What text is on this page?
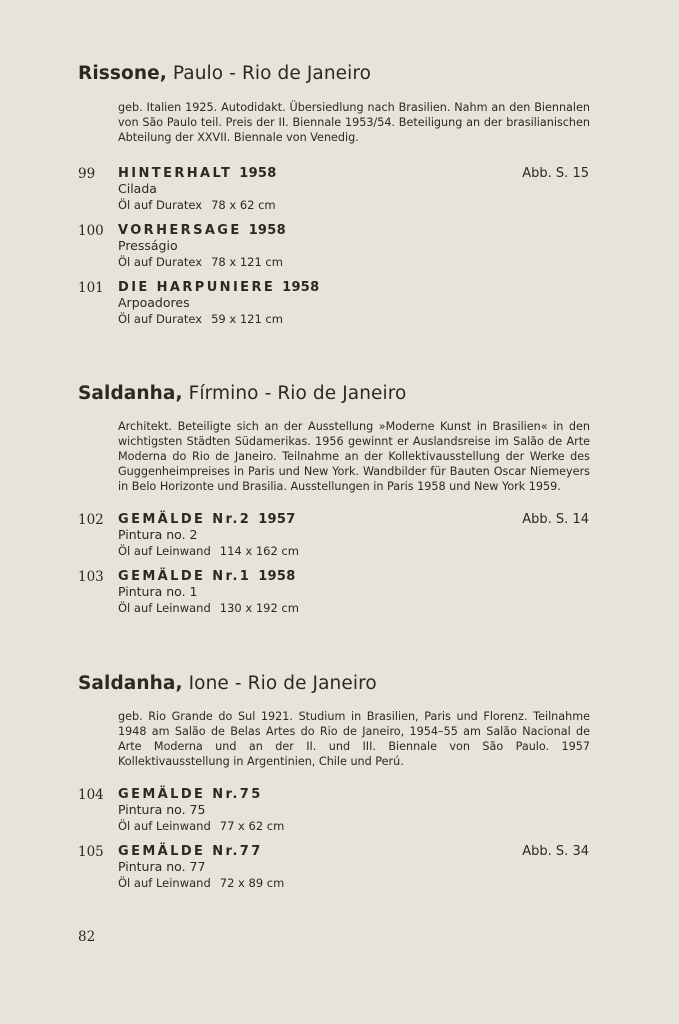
Rissone, Paulo - Rio de Janeiro
geb. Italien 1925. Autodidakt. Übersiedlung nach Brasilien. Nahm an den Biennalen von São Paulo teil. Preis der II. Biennale 1953/54. Beteiligung an der brasilianischen Abteilung der XXVII. Biennale von Venedig.
99	HINTERHALT 1958
Cilada
Öl auf Duratex 78 x 62 cm
Abb. S. 15
100	VORHERSAGE 1958
Presságio
Öl auf Duratex 78 x 121 cm
101	DIE HARPUNIERE 1958
Arpoadores
Öl auf Duratex 59 x 121 cm
Saldanha, Fírmino - Rio de Janeiro
Architekt. Beteiligte sich an der Ausstellung »Moderne Kunst in Brasilien« in den wichtigsten Städten Südamerikas. 1956 gewinnt er Auslandsreise im Salão de Arte Moderna do Rio de Janeiro. Teilnahme an der Kollektivausstellung der Werke des Guggenheimpreises in Paris und New York. Wandbilder für Bauten Oscar Niemeyers in Belo Horizonte und Brasilia. Ausstellungen in Paris 1958 und New York 1959.
102	GEMÄLDE Nr.2 1957
Pintura no. 2
Öl auf Leinwand 114 x 162 cm
Abb. S. 14
103	GEMÄLDE Nr.1 1958
Pintura no. 1
Öl auf Leinwand 130 x 192 cm
Saldanha, Ione - Rio de Janeiro
geb. Rio Grande do Sul 1921. Studium in Brasilien, Paris und Florenz. Teilnahme 1948 am Salão de Belas Artes do Rio de Janeiro, 1954–55 am Salão Nacional de Arte Moderna und an der II. und III. Biennale von São Paulo. 1957 Kollektivausstellung in Argentinien, Chile und Perú.
104	GEMÄLDE Nr.75
Pintura no. 75
Öl auf Leinwand 77 x 62 cm
105	GEMÄLDE Nr.77
Pintura no. 77
Öl auf Leinwand 72 x 89 cm
Abb. S. 34
82
